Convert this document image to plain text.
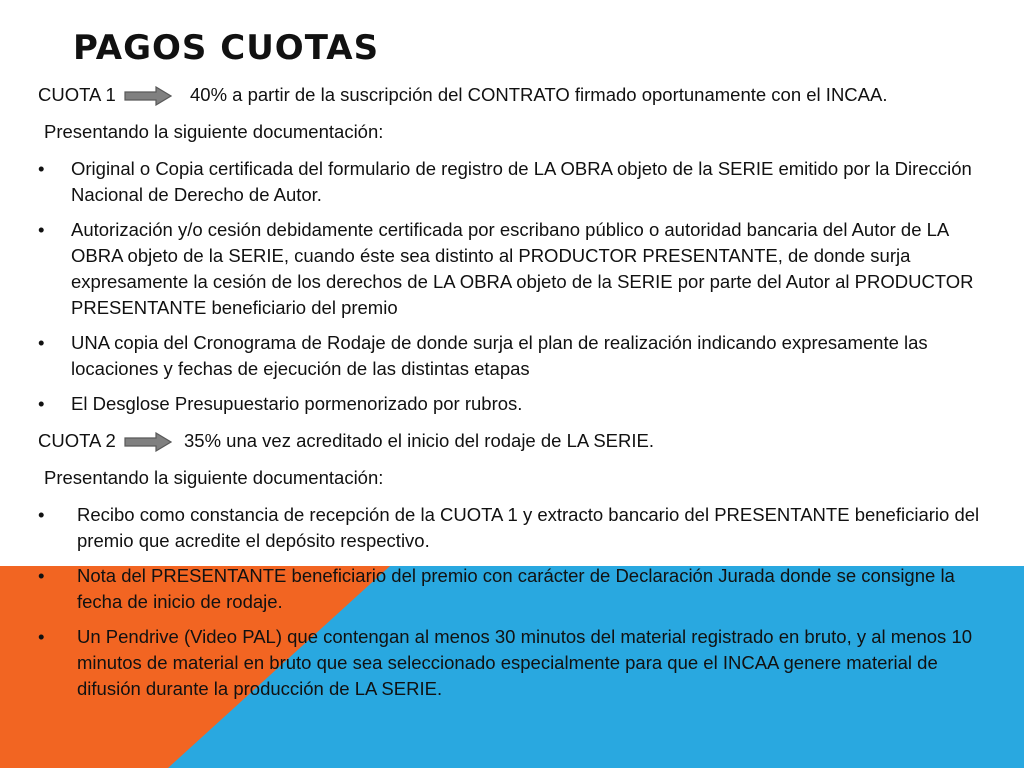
PAGOS CUOTAS
CUOTA 1	40% a partir de la suscripción del CONTRATO firmado oportunamente con el INCAA.
Presentando la siguiente documentación:
• Original o Copia certificada del formulario de registro de LA OBRA objeto de la SERIE emitido por la Dirección Nacional de Derecho de Autor.
• Autorización y/o cesión debidamente certificada por escribano público o autoridad bancaria del Autor de LA OBRA objeto de la SERIE, cuando éste sea distinto al PRODUCTOR PRESENTANTE, de donde surja expresamente la cesión de los derechos de LA OBRA objeto de la SERIE por parte del Autor al PRODUCTOR PRESENTANTE beneficiario del premio
• UNA copia del Cronograma de Rodaje de donde surja el plan de realización indicando expresamente las locaciones y fechas de ejecución de las distintas etapas
• El Desglose Presupuestario pormenorizado por rubros.
CUOTA 2	35% una vez acreditado el inicio del rodaje de LA SERIE.
Presentando la siguiente documentación:
• Recibo como constancia de recepción de la CUOTA 1 y extracto bancario del PRESENTANTE beneficiario del premio que acredite el depósito respectivo.
• Nota del PRESENTANTE beneficiario del premio con carácter de Declaración Jurada donde se consigne la fecha de inicio de rodaje.
• Un Pendrive (Video PAL) que contengan al menos 30 minutos del material registrado en bruto, y al menos 10 minutos de material en bruto que sea seleccionado especialmente para que el INCAA genere material de difusión durante la producción de LA SERIE.
